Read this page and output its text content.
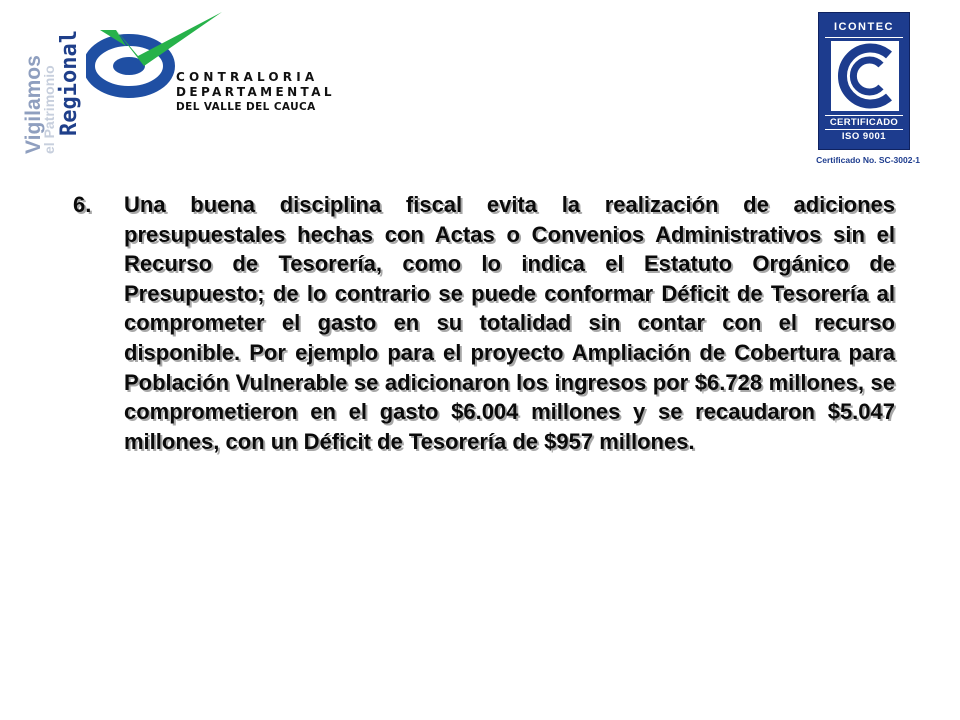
Vigilamos
el Patrimonio Regional	CONTRALORIA
DEPARTAMENTAL
DEL VALLE DEL CAUCA
ICONTEC
CERTIFICADO
ISO 9001
Certificado No. SC-3002-1
6. Una buena disciplina fiscal evita la realización de adiciones presupuestales hechas con Actas o Convenios Administrativos sin el Recurso de Tesorería, como lo indica el Estatuto Orgánico de Presupuesto; de lo contrario se puede conformar Déficit de Tesorería al comprometer el gasto en su totalidad sin contar con el recurso disponible. Por ejemplo para el proyecto Ampliación de Cobertura para Población Vulnerable se adicionaron los ingresos por $6.728 millones, se comprometieron en el gasto $6.004 millones y se recaudaron $5.047 millones, con un Déficit de Tesorería de $957 millones.
